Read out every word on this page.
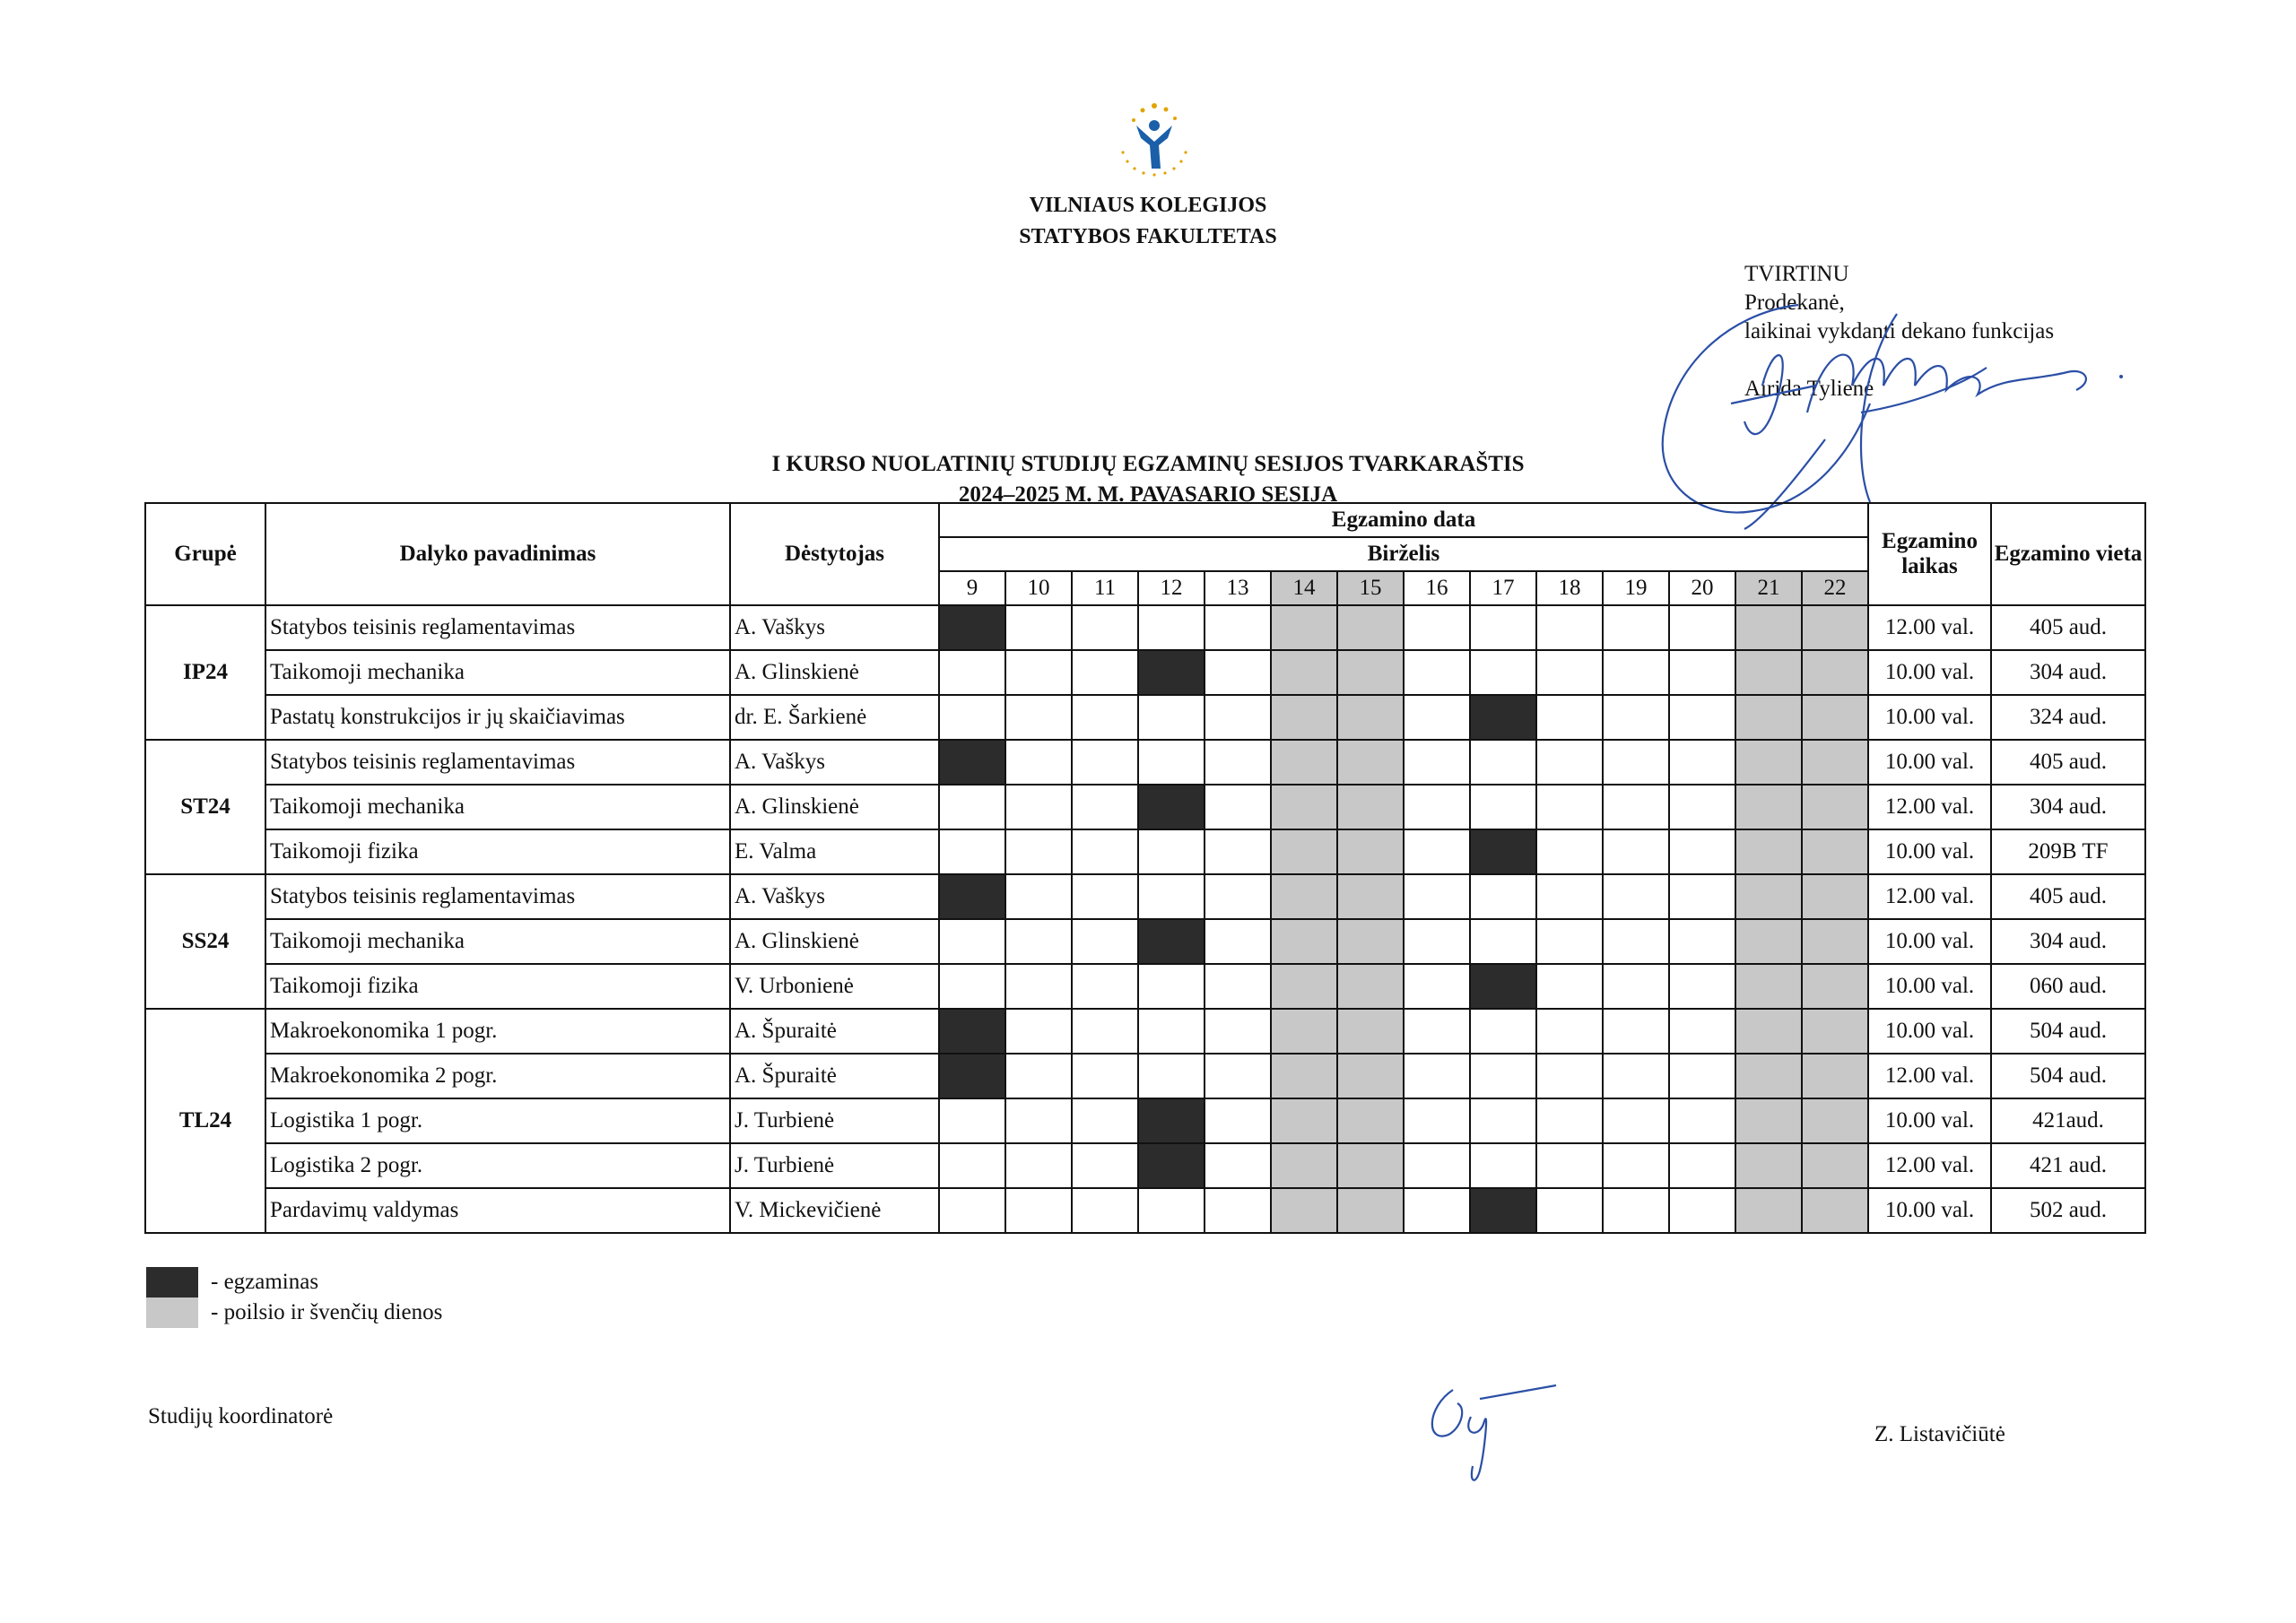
VILNIAUS KOLEGIJOS
STATYBOS FAKULTETAS
TVIRTINU
Prodekanė,
laikinai vykdanti dekano funkcijas
Airida Tylienė
I KURSO NUOLATINIŲ STUDIJŲ EGZAMINŲ SESIJOS TVARKARAŠTIS
2024–2025 M. M. PAVASARIO SESIJA
Grupė	Dalyko pavadinimas	Dėstytojas	Egzamino data														Egzamino laikas	Egzamino vieta
			Birželis															
			9	10	11	12	13	14	15	16	17	18	19	20	21	22		
IP24	Statybos teisinis reglamentavimas	A. Vaškys															12.00 val.	405 aud.
	Taikomoji mechanika	A. Glinskienė															10.00 val.	304 aud.
	Pastatų konstrukcijos ir jų skaičiavimas	dr. E. Šarkienė															10.00 val.	324 aud.
ST24	Statybos teisinis reglamentavimas	A. Vaškys															10.00 val.	405 aud.
	Taikomoji mechanika	A. Glinskienė															12.00 val.	304 aud.
	Taikomoji fizika	E. Valma															10.00 val.	209B TF
SS24	Statybos teisinis reglamentavimas	A. Vaškys															12.00 val.	405 aud.
	Taikomoji mechanika	A. Glinskienė															10.00 val.	304 aud.
	Taikomoji fizika	V. Urbonienė															10.00 val.	060 aud.
TL24	Makroekonomika 1 pogr.	A. Špuraitė															10.00 val.	504 aud.
	Makroekonomika 2 pogr.	A. Špuraitė															12.00 val.	504 aud.
	Logistika 1 pogr.	J. Turbienė															10.00 val.	421aud.
	Logistika 2 pogr.	J. Turbienė															12.00 val.	421 aud.
	Pardavimų valdymas	V. Mickevičienė															10.00 val.	502 aud.
- egzaminas
- poilsio ir švenčių dienos
Studijų koordinatorė
Z. Listavičiūtė
